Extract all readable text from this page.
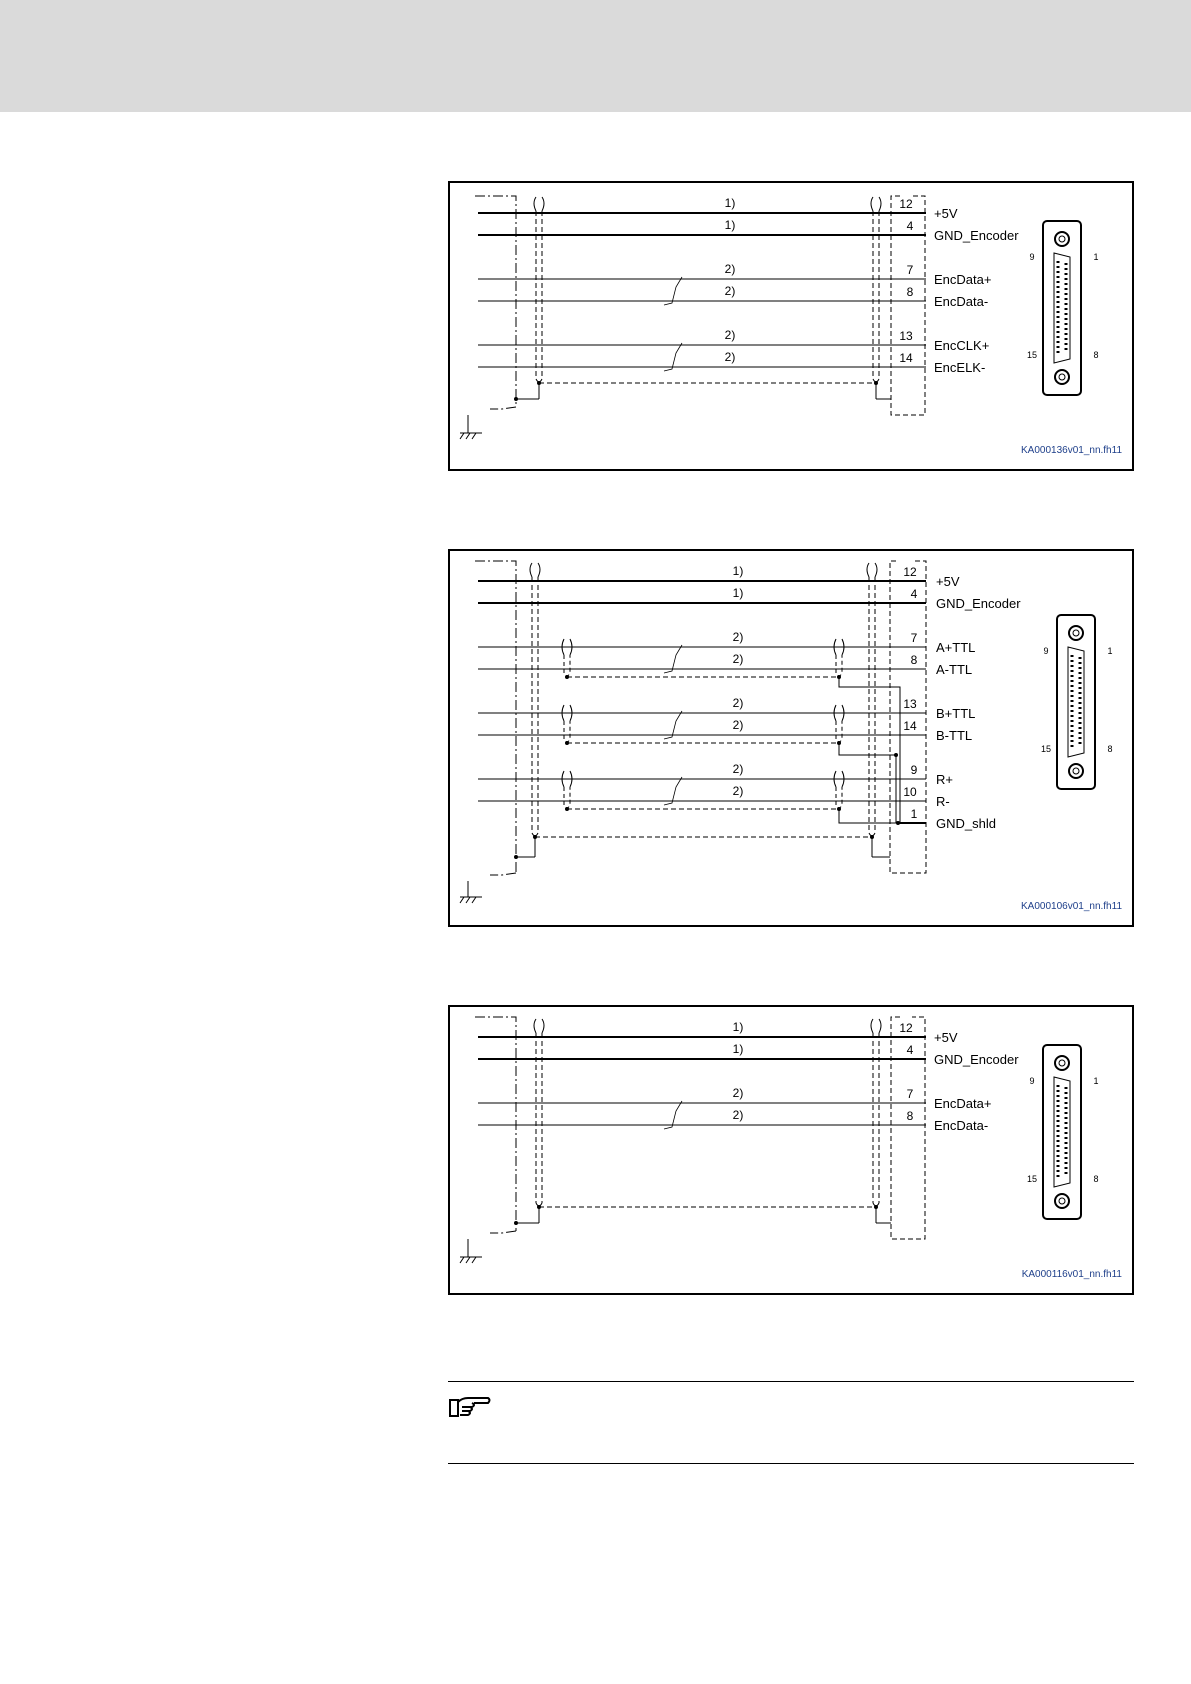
1)
1)
2)
2)
2)
2)
12
4
7
8
13
14
+5V
GND_Encoder
EncData+
EncData-
EncCLK+
EncELK-
9	1
15	8
KA000136v01_nn.fh11
1)
1)
2)
2)
2)
2)
2)
2)
12
4
7
8
13
14
9
10
1
+5V
GND_Encoder
A+TTL
A-TTL
B+TTL
B-TTL
R+
R-
GND_shld
9	1
15	8
KA000106v01_nn.fh11
1)
1)
2)
2)
12
4
7
8
+5V
GND_Encoder
EncData+
EncData-
9	1
15	8
KA000116v01_nn.fh11
